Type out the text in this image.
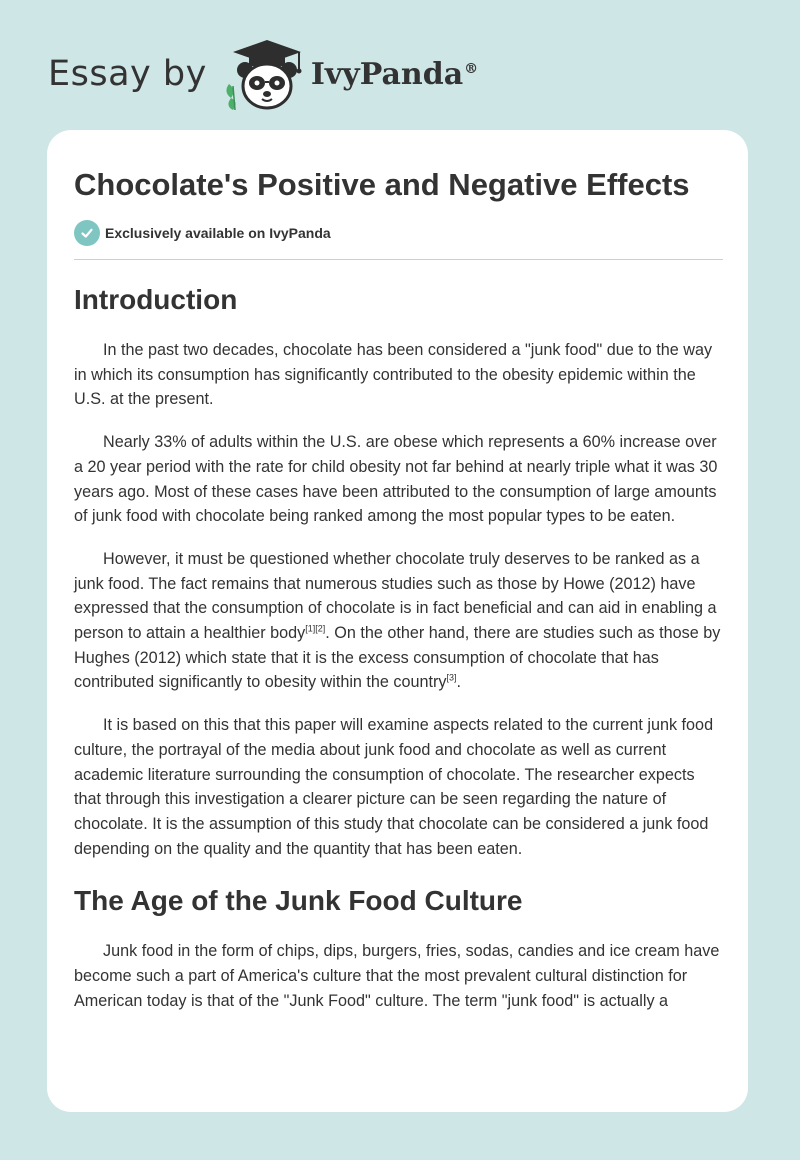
Essay by	IvyPanda®
Chocolate's Positive and Negative Effects
Exclusively available on IvyPanda
Introduction

In the past two decades, chocolate has been considered a "junk food" due to the way in which its consumption has significantly contributed to the obesity epidemic within the U.S. at the present.

Nearly 33% of adults within the U.S. are obese which represents a 60% increase over a 20 year period with the rate for child obesity not far behind at nearly triple what it was 30 years ago. Most of these cases have been attributed to the consumption of large amounts of junk food with chocolate being ranked among the most popular types to be eaten.

However, it must be questioned whether chocolate truly deserves to be ranked as a junk food. The fact remains that numerous studies such as those by Howe (2012) have expressed that the consumption of chocolate is in fact beneficial and can aid in enabling a person to attain a healthier body[1][2]. On the other hand, there are studies such as those by Hughes (2012) which state that it is the excess consumption of chocolate that has contributed significantly to obesity within the country[3].

It is based on this that this paper will examine aspects related to the current junk food culture, the portrayal of the media about junk food and chocolate as well as current academic literature surrounding the consumption of chocolate. The researcher expects that through this investigation a clearer picture can be seen regarding the nature of chocolate. It is the assumption of this study that chocolate can be considered a junk food depending on the quality and the quantity that has been eaten.

The Age of the Junk Food Culture

Junk food in the form of chips, dips, burgers, fries, sodas, candies and ice cream have become such a part of America's culture that the most prevalent cultural distinction for American today is that of the "Junk Food" culture. The term "junk food" is actually a
